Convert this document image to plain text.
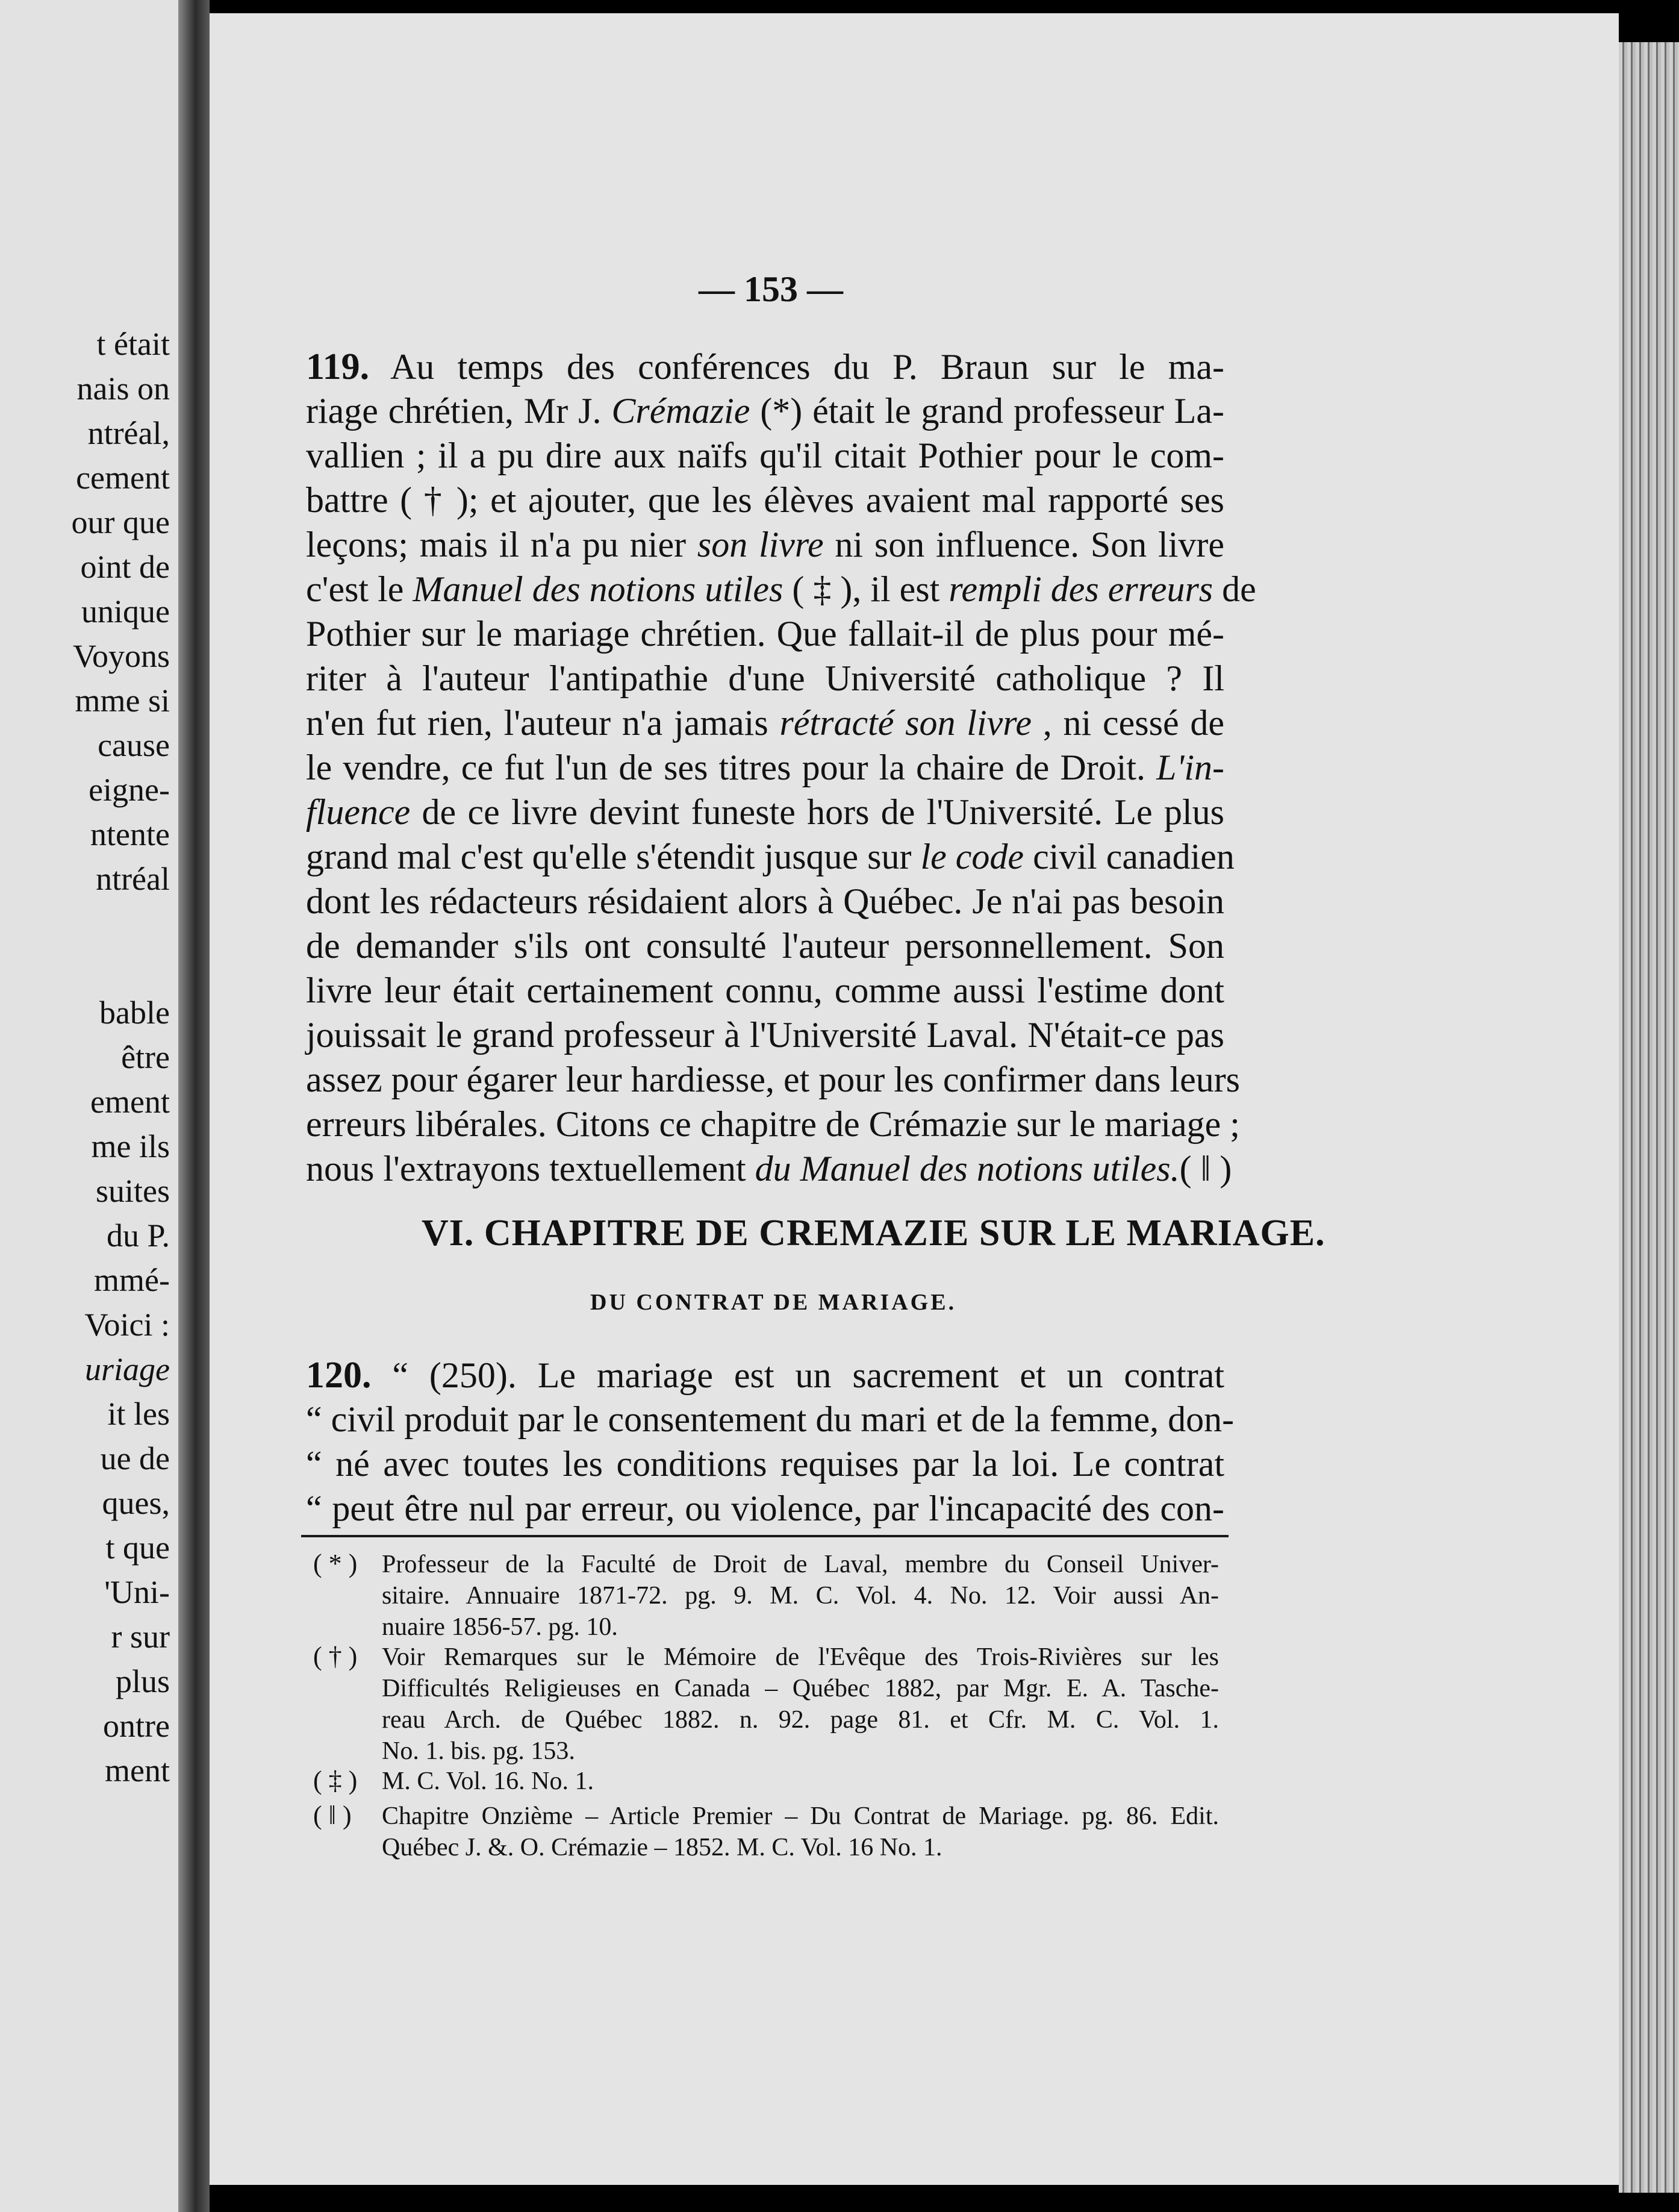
t était
nais on
ntréal,
cement
our que
oint de
unique
Voyons
mme si
cause
eigne-
ntente
ntréal
bable
être
ement
me ils
suites
du P.
mmé-
Voici :
uriage
it les
ue de
ques,
t que
'Uni-
r sur
plus
ontre
ment
— 153 —
119. Au temps des conférences du P. Braun sur le ma-
riage chrétien, Mr J. Crémazie (*) était le grand professeur La-
vallien ; il a pu dire aux naïfs qu'il citait Pothier pour le com-
battre ( † ); et ajouter, que les élèves avaient mal rapporté ses
leçons; mais il n'a pu nier son livre ni son influence. Son livre
c'est le Manuel des notions utiles ( ‡ ), il est rempli des erreurs de
Pothier sur le mariage chrétien. Que fallait-il de plus pour mé-
riter à l'auteur l'antipathie d'une Université catholique ? Il
n'en fut rien, l'auteur n'a jamais rétracté son livre , ni cessé de
le vendre, ce fut l'un de ses titres pour la chaire de Droit. L'in-
fluence de ce livre devint funeste hors de l'Université. Le plus
grand mal c'est qu'elle s'étendit jusque sur le code civil canadien
dont les rédacteurs résidaient alors à Québec. Je n'ai pas besoin
de demander s'ils ont consulté l'auteur personnellement. Son
livre leur était certainement connu, comme aussi l'estime dont
jouissait le grand professeur à l'Université Laval. N'était-ce pas
assez pour égarer leur hardiesse, et pour les confirmer dans leurs
erreurs libérales. Citons ce chapitre de Crémazie sur le mariage ;
nous l'extrayons textuellement du Manuel des notions utiles.( ‖ )
VI. CHAPITRE DE CREMAZIE SUR LE MARIAGE.
DU CONTRAT DE MARIAGE.
120. “ (250). Le mariage est un sacrement et un contrat
“ civil produit par le consentement du mari et de la femme, don-
“ né avec toutes les conditions requises par la loi. Le contrat
“ peut être nul par erreur, ou violence, par l'incapacité des con-
( * ) Professeur de la Faculté de Droit de Laval, membre du Conseil Univer-
sitaire. Annuaire 1871-72. pg. 9. M. C. Vol. 4. No. 12. Voir aussi An-
nuaire 1856-57. pg. 10.
( † ) Voir Remarques sur le Mémoire de l'Evêque des Trois-Rivières sur les
Difficultés Religieuses en Canada – Québec 1882, par Mgr. E. A. Tasche-
reau Arch. de Québec 1882. n. 92. page 81. et Cfr. M. C. Vol. 1.
No. 1. bis. pg. 153.
( ‡ ) M. C. Vol. 16. No. 1.
( ‖ ) Chapitre Onzième – Article Premier – Du Contrat de Mariage. pg. 86. Edit.
Québec J. &. O. Crémazie – 1852. M. C. Vol. 16 No. 1.
